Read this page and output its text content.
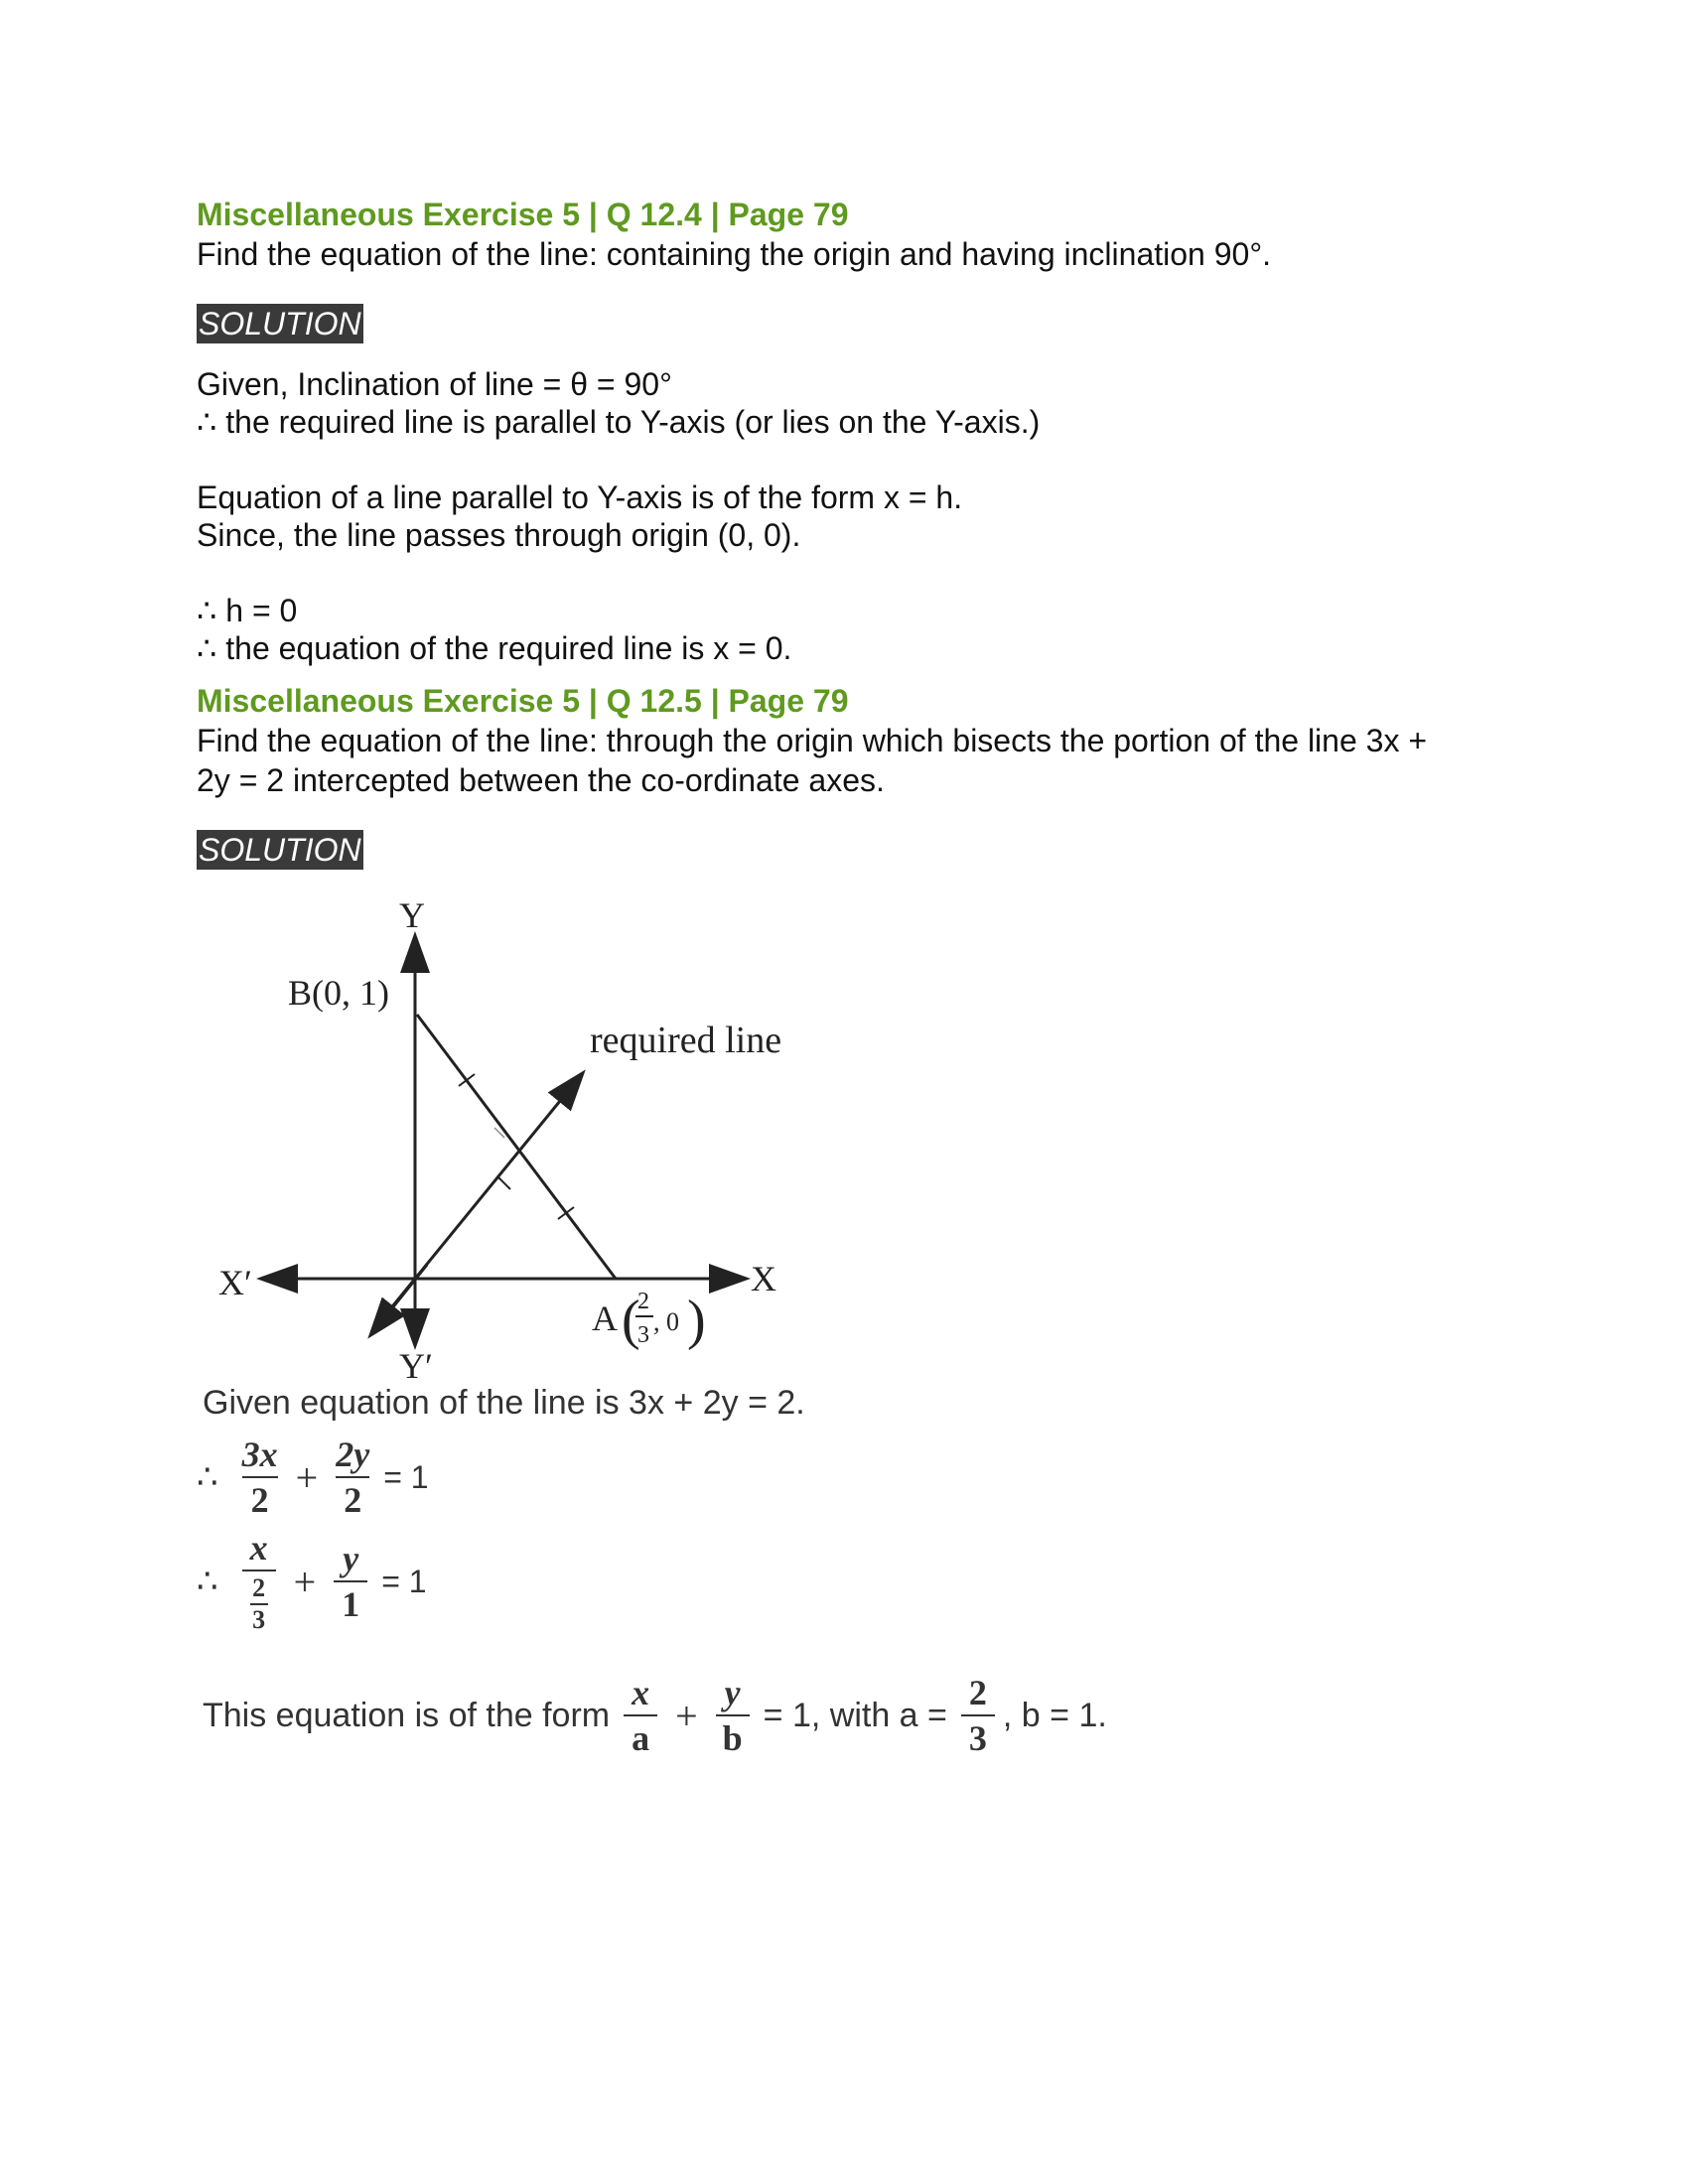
Miscellaneous Exercise 5 | Q 12.4 | Page 79

Find the equation of the line: containing the origin and having inclination 90°.

SOLUTION

Given, Inclination of line = θ = 90°

∴ the required line is parallel to Y-axis (or lies on the Y-axis.)

Equation of a line parallel to Y-axis is of the form x = h.

Since, the line passes through origin (0, 0).

∴ h = 0

∴ the equation of the required line is x = 0.

Miscellaneous Exercise 5 | Q 12.5 | Page 79

Find the equation of the line: through the origin which bisects the portion of the line 3x +

2y = 2 intercepted between the co-ordinate axes.

SOLUTION
Y
Y′
X
X′
B(0, 1)
required line
A (
2
3 , 0 )

Given equation of the line is 3x + 2y = 2.

∴ $\frac{3x}{2} + \frac{2y}{2} = 1$
∴ $\frac{x}{\frac{2}{3}} + \frac{y}{1} = 1$
This equation is of the form $\frac{x}{a} + \frac{y}{b} = 1$, with $a = \frac{2}{3}$ , b = 1.
